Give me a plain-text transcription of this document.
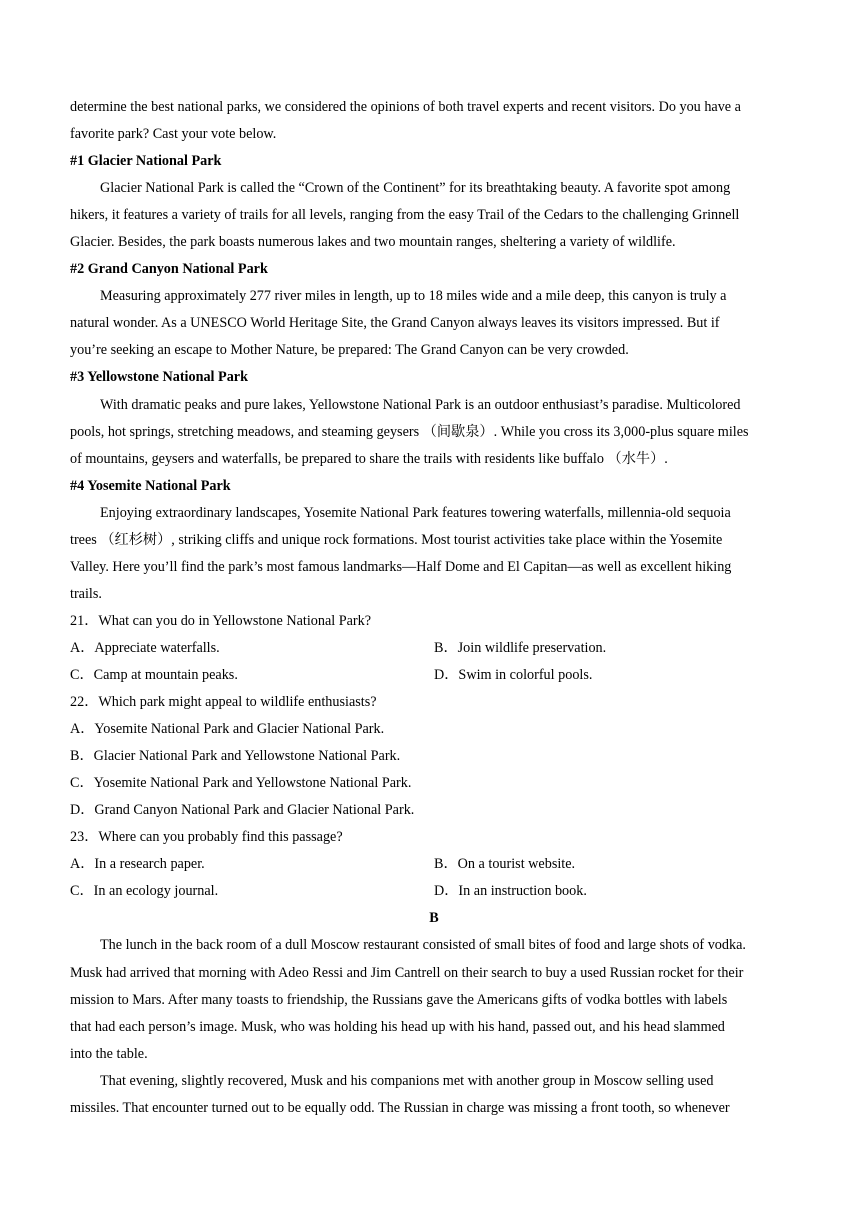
determine the best national parks, we considered the opinions of both travel experts and recent visitors. Do you have a
favorite park? Cast your vote below.
#1 Glacier National Park
Glacier National Park is called the “Crown of the Continent” for its breathtaking beauty. A favorite spot among
hikers, it features a variety of trails for all levels, ranging from the easy Trail of the Cedars to the challenging Grinnell
Glacier. Besides, the park boasts numerous lakes and two mountain ranges, sheltering a variety of wildlife.
#2 Grand Canyon National Park
Measuring approximately 277 river miles in length, up to 18 miles wide and a mile deep, this canyon is truly a
natural wonder. As a UNESCO World Heritage Site, the Grand Canyon always leaves its visitors impressed. But if
you’re seeking an escape to Mother Nature, be prepared: The Grand Canyon can be very crowded.
#3 Yellowstone National Park
With dramatic peaks and pure lakes, Yellowstone National Park is an outdoor enthusiast’s paradise. Multicolored
pools, hot springs, stretching meadows, and steaming geysers （间歇泉）. While you cross its 3,000-plus square miles
of mountains, geysers and waterfalls, be prepared to share the trails with residents like buffalo （水牛）.
#4 Yosemite National Park
Enjoying extraordinary landscapes, Yosemite National Park features towering waterfalls, millennia-old sequoia
trees （红杉树）, striking cliffs and unique rock formations. Most tourist activities take place within the Yosemite
Valley. Here you’ll find the park’s most famous landmarks—Half Dome and El Capitan—as well as excellent hiking
trails.
21．What can you do in Yellowstone National Park?
A．Appreciate waterfalls.	B．Join wildlife preservation.
C．Camp at mountain peaks.	D．Swim in colorful pools.
22．Which park might appeal to wildlife enthusiasts?
A．Yosemite National Park and Glacier National Park.
B．Glacier National Park and Yellowstone National Park.
C．Yosemite National Park and Yellowstone National Park.
D．Grand Canyon National Park and Glacier National Park.
23．Where can you probably find this passage?
A．In a research paper.	B．On a tourist website.
C．In an ecology journal.	D．In an instruction book.
B
The lunch in the back room of a dull Moscow restaurant consisted of small bites of food and large shots of vodka.
Musk had arrived that morning with Adeo Ressi and Jim Cantrell on their search to buy a used Russian rocket for their
mission to Mars. After many toasts to friendship, the Russians gave the Americans gifts of vodka bottles with labels
that had each person’s image. Musk, who was holding his head up with his hand, passed out, and his head slammed
into the table.
That evening, slightly recovered, Musk and his companions met with another group in Moscow selling used
missiles. That encounter turned out to be equally odd. The Russian in charge was missing a front tooth, so whenever
